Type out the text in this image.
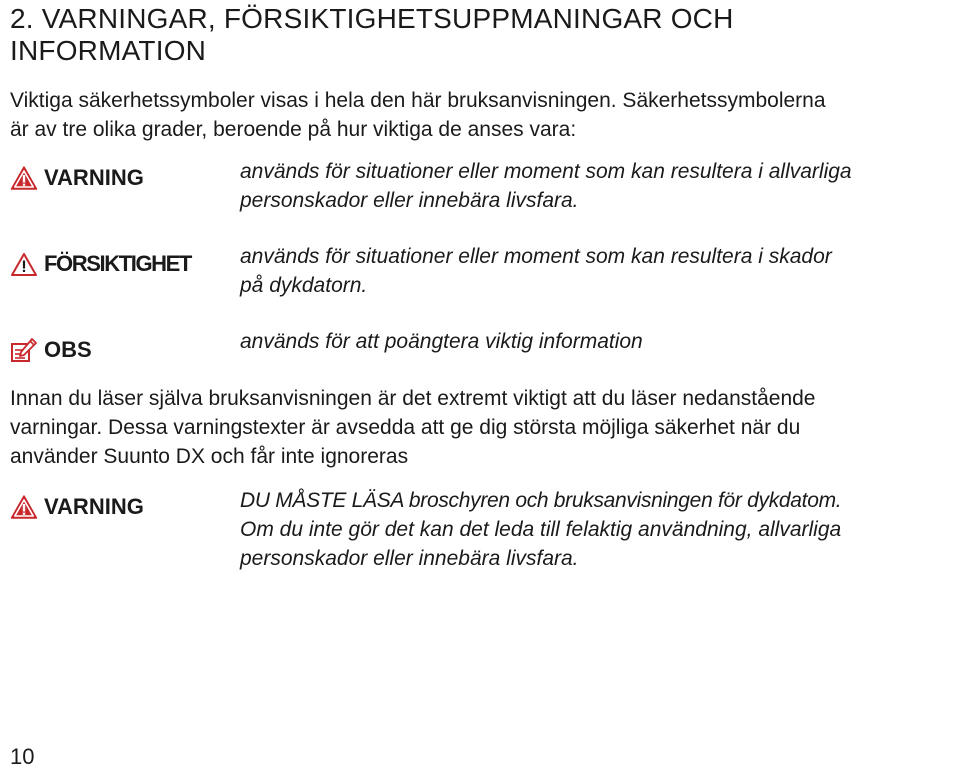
2. VARNINGAR, FÖRSIKTIGHETSUPPMANINGAR OCH
INFORMATION
Viktiga säkerhetssymboler visas i hela den här bruksanvisningen. Säkerhetssymbolerna
är av tre olika grader, beroende på hur viktiga de anses vara:
VARNING	används för situationer eller moment som kan resultera i allvarliga
personskador eller innebära livsfara.
FÖRSIKTIGHET används för situationer eller moment som kan resultera i skador
på dykdatorn.
OBS	används för att poängtera viktig information
Innan du läser själva bruksanvisningen är det extremt viktigt att du läser nedanstående
varningar. Dessa varningstexter är avsedda att ge dig största möjliga säkerhet när du
använder Suunto DX och får inte ignoreras
VARNING	DU MÅSTE LÄSA broschyren och bruksanvisningen för dykdatom.
Om du inte gör det kan det leda till felaktig användning, allvarliga
personskador eller innebära livsfara.
10
